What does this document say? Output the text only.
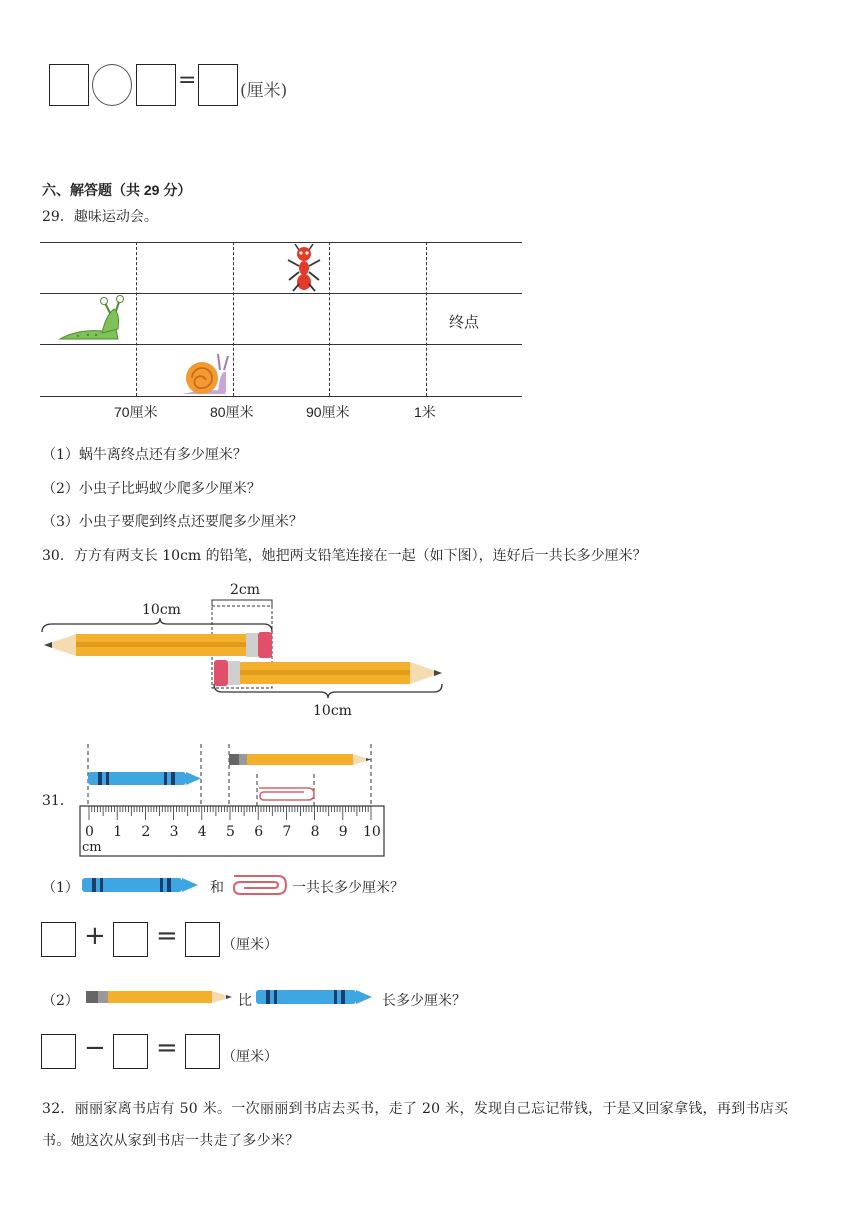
=	(厘米)
六、解答题（共 29 分）
29．趣味运动会。
终点
70厘米	80厘米	90厘米	1米
（1）蜗牛离终点还有多少厘米？
（2）小虫子比蚂蚁少爬多少厘米？
（3）小虫子要爬到终点还要爬多少厘米？
30．方方有两支长 10cm 的铅笔，她把两支铅笔连接在一起（如下图），连好后一共长多少厘米？
10cm
2cm
10cm
31．
0 1 2 3 4 5 6 7 8 9 10
cm
（1）	和	一共长多少厘米？
+ =	（厘米）
（2）	比	长多少厘米？
− =	（厘米）
32．丽丽家离书店有 50 米。一次丽丽到书店去买书，走了 20 米，发现自己忘记带钱，于是又回家拿钱，再到书店买
书。她这次从家到书店一共走了多少米？
